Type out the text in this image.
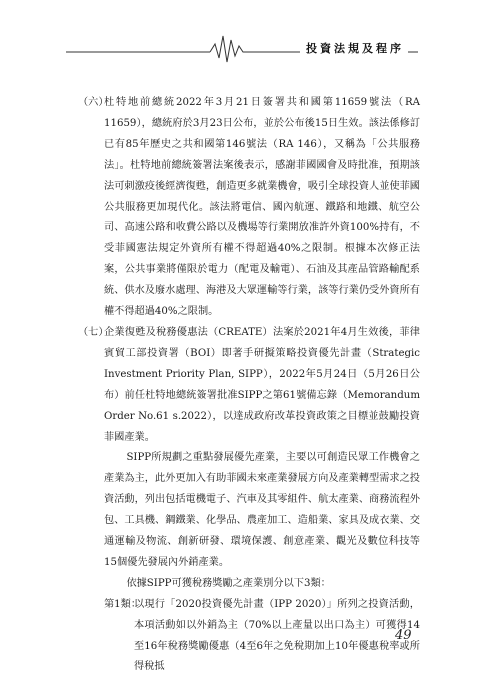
投資法規及程序
（六）
杜特地前總統2022年3月21日簽署共和國第11659號法（RA 11659），總統府於3月23日公布，並於公布後15日生效。該法係修訂已有85年歷史之共和國第146號法（RA 146），又稱為「公共服務法」。杜特地前總統簽署法案後表示，感謝菲國國會及時批准，預期該法可刺激疫後經濟復甦，創造更多就業機會，吸引全球投資人並使菲國公共服務更加現代化。該法將電信、國內航運、鐵路和地鐵、航空公司、高速公路和收費公路以及機場等行業開放准許外資100%持有，不受菲國憲法規定外資所有權不得超過40%之限制。根據本次修正法案，公共事業將僅限於電力（配電及輸電）、石油及其產品管路輸配系統、供水及廢水處理、海港及大眾運輸等行業，該等行業仍受外資所有權不得超過40%之限制。
（七）
企業復甦及稅務優惠法（CREATE）法案於2021年4月生效後，菲律賓貿工部投資署（BOI）即著手研擬策略投資優先計畫（Strategic Investment Priority Plan, SIPP），2022年5月24日（5月26日公布）前任杜特地總統簽署批准SIPP之第61號備忘錄（Memorandum Order No.61 s.2022），以達成政府改革投資政策之目標並鼓勵投資菲國產業。

SIPP所規劃之重點發展優先產業，主要以可創造民眾工作機會之產業為主，此外更加入有助菲國未來產業發展方向及產業轉型需求之投資活動，列出包括電機電子、汽車及其零組件、航太產業、商務流程外包、工具機、鋼鐵業、化學品、農產加工、造船業、家具及成衣業、交通運輸及物流、創新研發、環境保護、創意產業、觀光及數位科技等15個優先發展內外銷產業。

依據SIPP可獲稅務獎勵之產業別分以下3類：

第1類：
以現行「2020投資優先計畫（IPP 2020）」所列之投資活動，本項活動如以外銷為主（70%以上產量以出口為主）可獲得14至16年稅務獎勵優惠（4至6年之免稅期加上10年優惠稅率或所得稅抵
49
